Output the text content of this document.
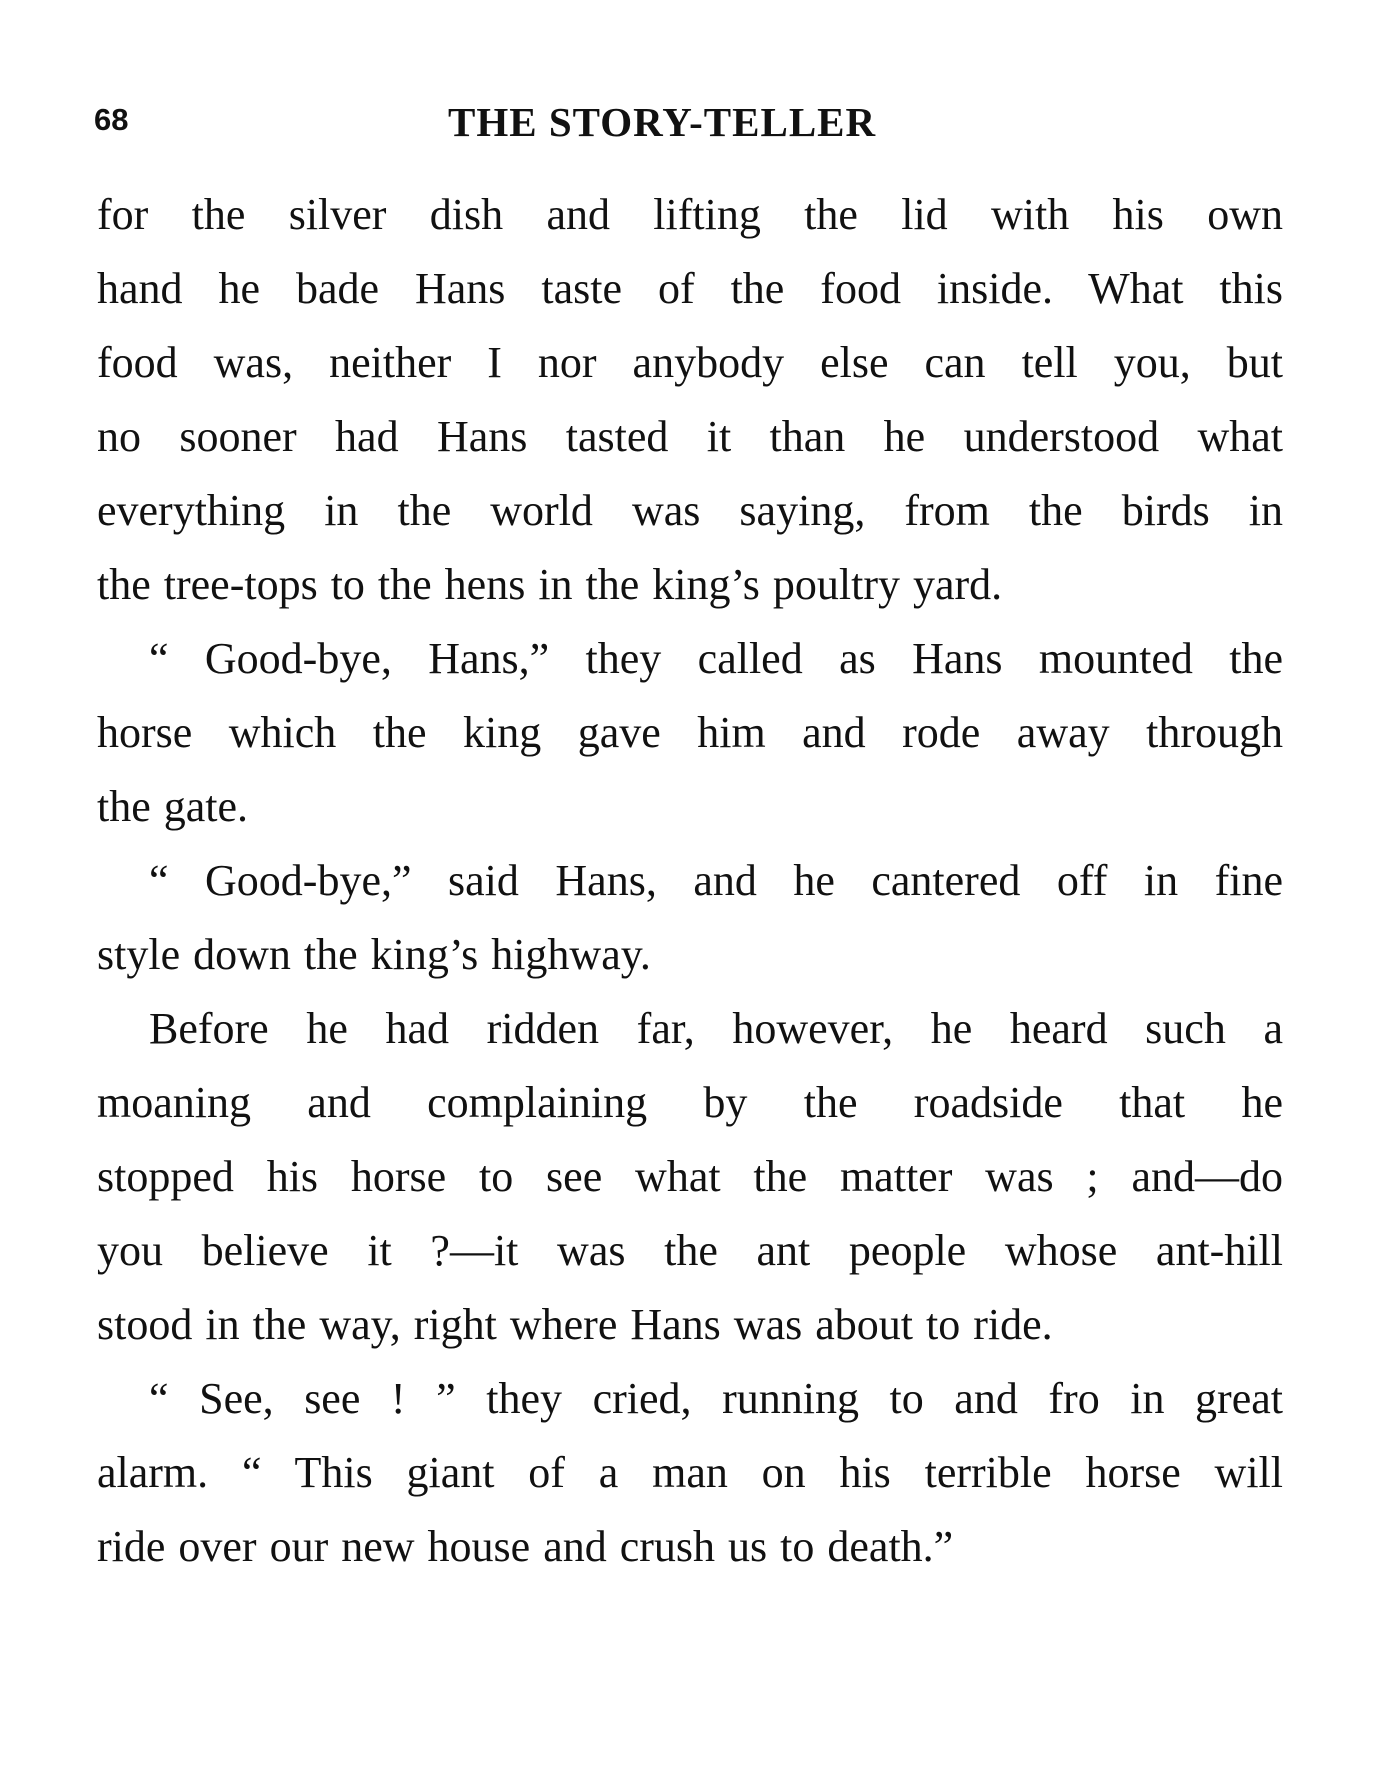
68	THE STORY-TELLER
for the silver dish and lifting the lid with his own
hand he bade Hans taste of the food inside. What this
food was, neither I nor anybody else can tell you, but
no sooner had Hans tasted it than he understood what
everything in the world was saying, from the birds in
the tree-tops to the hens in the king’s poultry yard.
“ Good-bye, Hans,” they called as Hans mounted the
horse which the king gave him and rode away through
the gate.
“ Good-bye,” said Hans, and he cantered off in fine
style down the king’s highway.
Before he had ridden far, however, he heard such a
moaning and complaining by the roadside that he
stopped his horse to see what the matter was ; and—do
you believe it ?—it was the ant people whose ant-hill
stood in the way, right where Hans was about to ride.
“ See, see ! ” they cried, running to and fro in great
alarm. “ This giant of a man on his terrible horse will
ride over our new house and crush us to death.”
